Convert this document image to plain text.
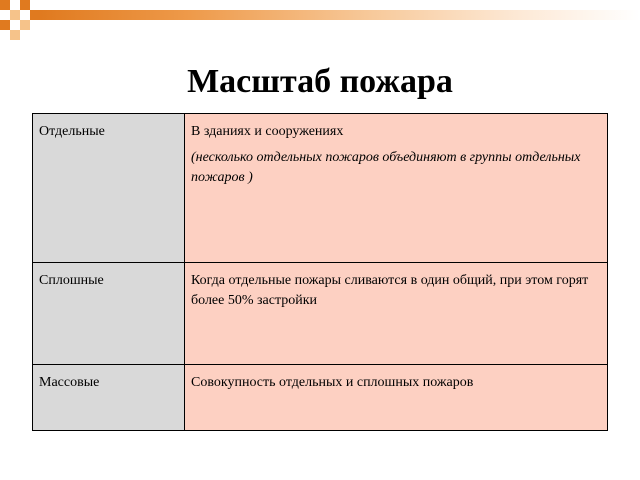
Масштаб пожара
Отдельные	В зданиях и сооружениях
(несколько отдельных пожаров объединяют в группы отдельных пожаров )

Сплошные	Когда отдельные пожары сливаются в один общий, при этом горят более 50% застройки
Массовые	Совокупность отдельных и сплошных пожаров
